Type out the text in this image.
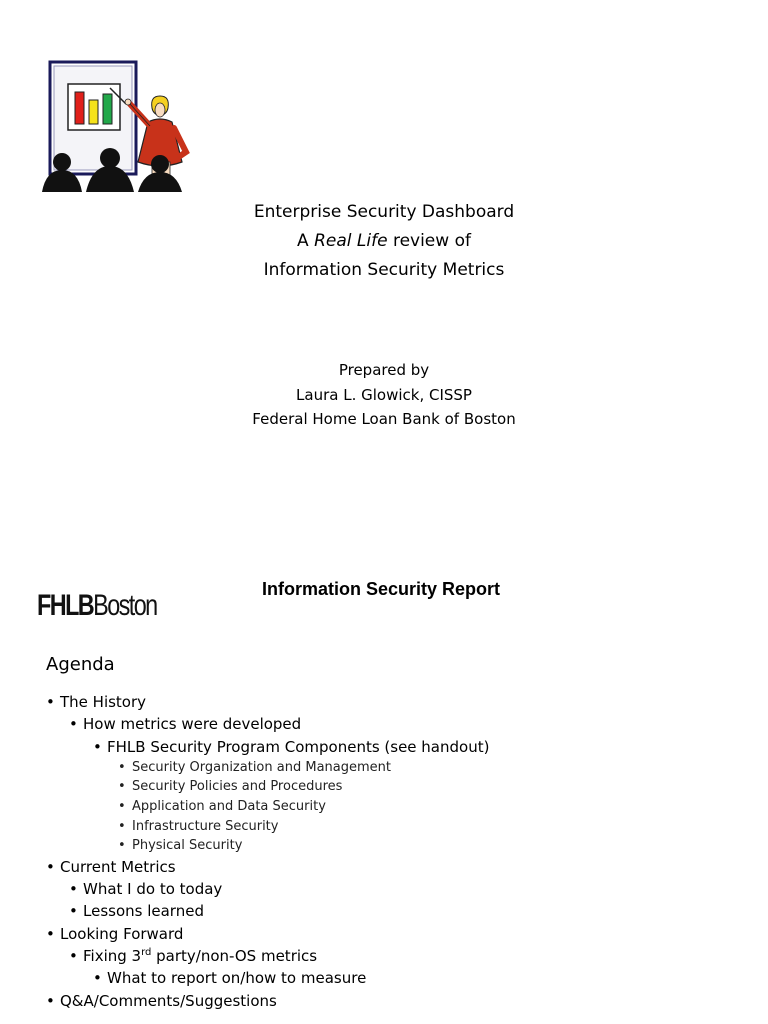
Enterprise Security Dashboard
A Real Life review of
Information Security Metrics
Prepared by
Laura L. Glowick, CISSP
Federal Home Loan Bank of Boston
FHLBBoston	Information Security Report
Agenda
• The History
• How metrics were developed
• FHLB Security Program Components (see handout)
• Security Organization and Management
• Security Policies and Procedures
• Application and Data Security
• Infrastructure Security
• Physical Security
• Current Metrics
• What I do to today
• Lessons learned
• Looking Forward
• Fixing 3rd party/non-OS metrics
• What to report on/how to measure
• Q&A/Comments/Suggestions
